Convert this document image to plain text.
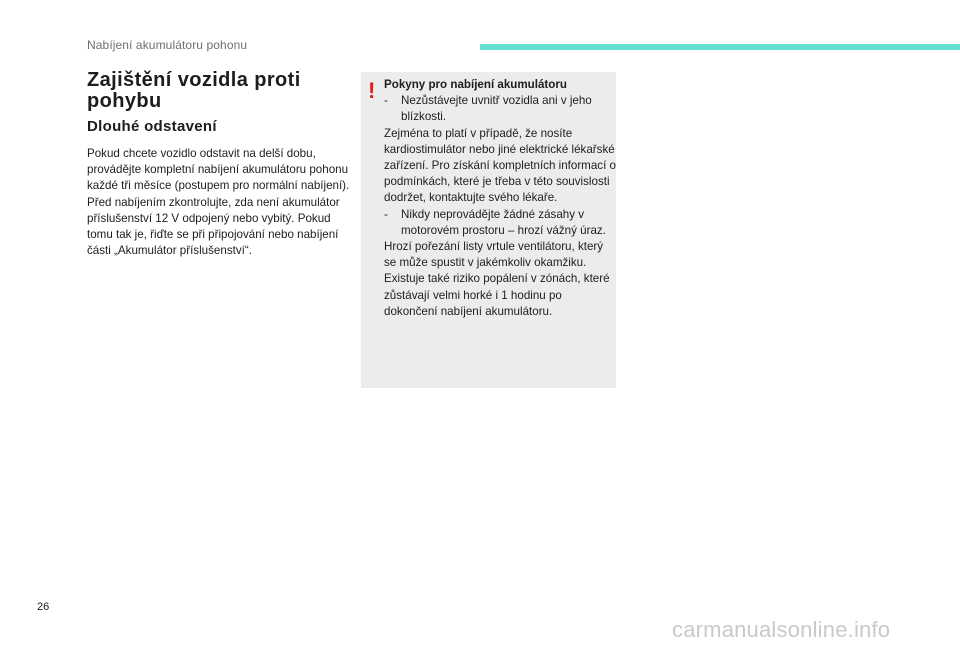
Nabíjení akumulátoru pohonu
Zajištění vozidla proti pohybu
Dlouhé odstavení
Pokud chcete vozidlo odstavit na delší dobu, provádějte kompletní nabíjení akumulátoru pohonu každé tři měsíce (postupem pro normální nabíjení). Před nabíjením zkontrolujte, zda není akumulátor příslušenství 12 V odpojený nebo vybitý. Pokud tomu tak je, řiďte se při připojování nebo nabíjení části „Akumulátor příslušenství“.
! Pokyny pro nabíjení akumulátoru
-	Nezůstávejte uvnitř vozidla ani v jeho blízkosti.
Zejména to platí v případě, že nosíte kardiostimulátor nebo jiné elektrické lékařské zařízení. Pro získání kompletních informací o podmínkách, které je třeba v této souvislosti dodržet, kontaktujte svého lékaře.
-	Nikdy neprovádějte žádné zásahy v motorovém prostoru – hrozí vážný úraz.
Hrozí pořezání listy vrtule ventilátoru, který se může spustit v jakémkoliv okamžiku. Existuje také riziko popálení v zónách, které zůstávají velmi horké i 1 hodinu po dokončení nabíjení akumulátoru.
26
carmanualsonline.info
